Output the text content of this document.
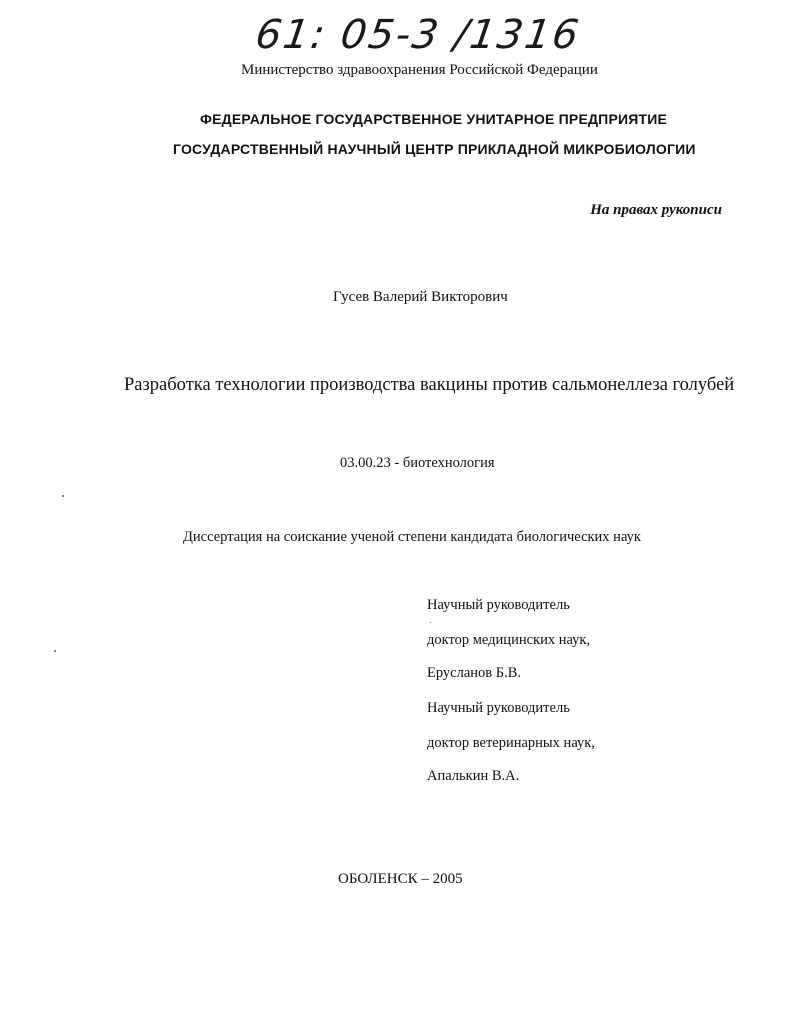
61: 05-3 /1316
Министерство здравоохранения Российской Федерации
ФЕДЕРАЛЬНОЕ ГОСУДАРСТВЕННОЕ УНИТАРНОЕ ПРЕДПРИЯТИЕ
ГОСУДАРСТВЕННЫЙ НАУЧНЫЙ ЦЕНТР ПРИКЛАДНОЙ МИКРОБИОЛОГИИ
На правах рукописи
Гусев Валерий Викторович
Разработка технологии производства вакцины против сальмонеллеза голубей
03.00.23 - биотехнология
Диссертация на соискание ученой степени кандидата биологических наук
Научный руководитель
доктор медицинских наук,
Ерусланов Б.В.
Научный руководитель
доктор ветеринарных наук,
Апалькин В.А.
ОБОЛЕНСК – 2005
